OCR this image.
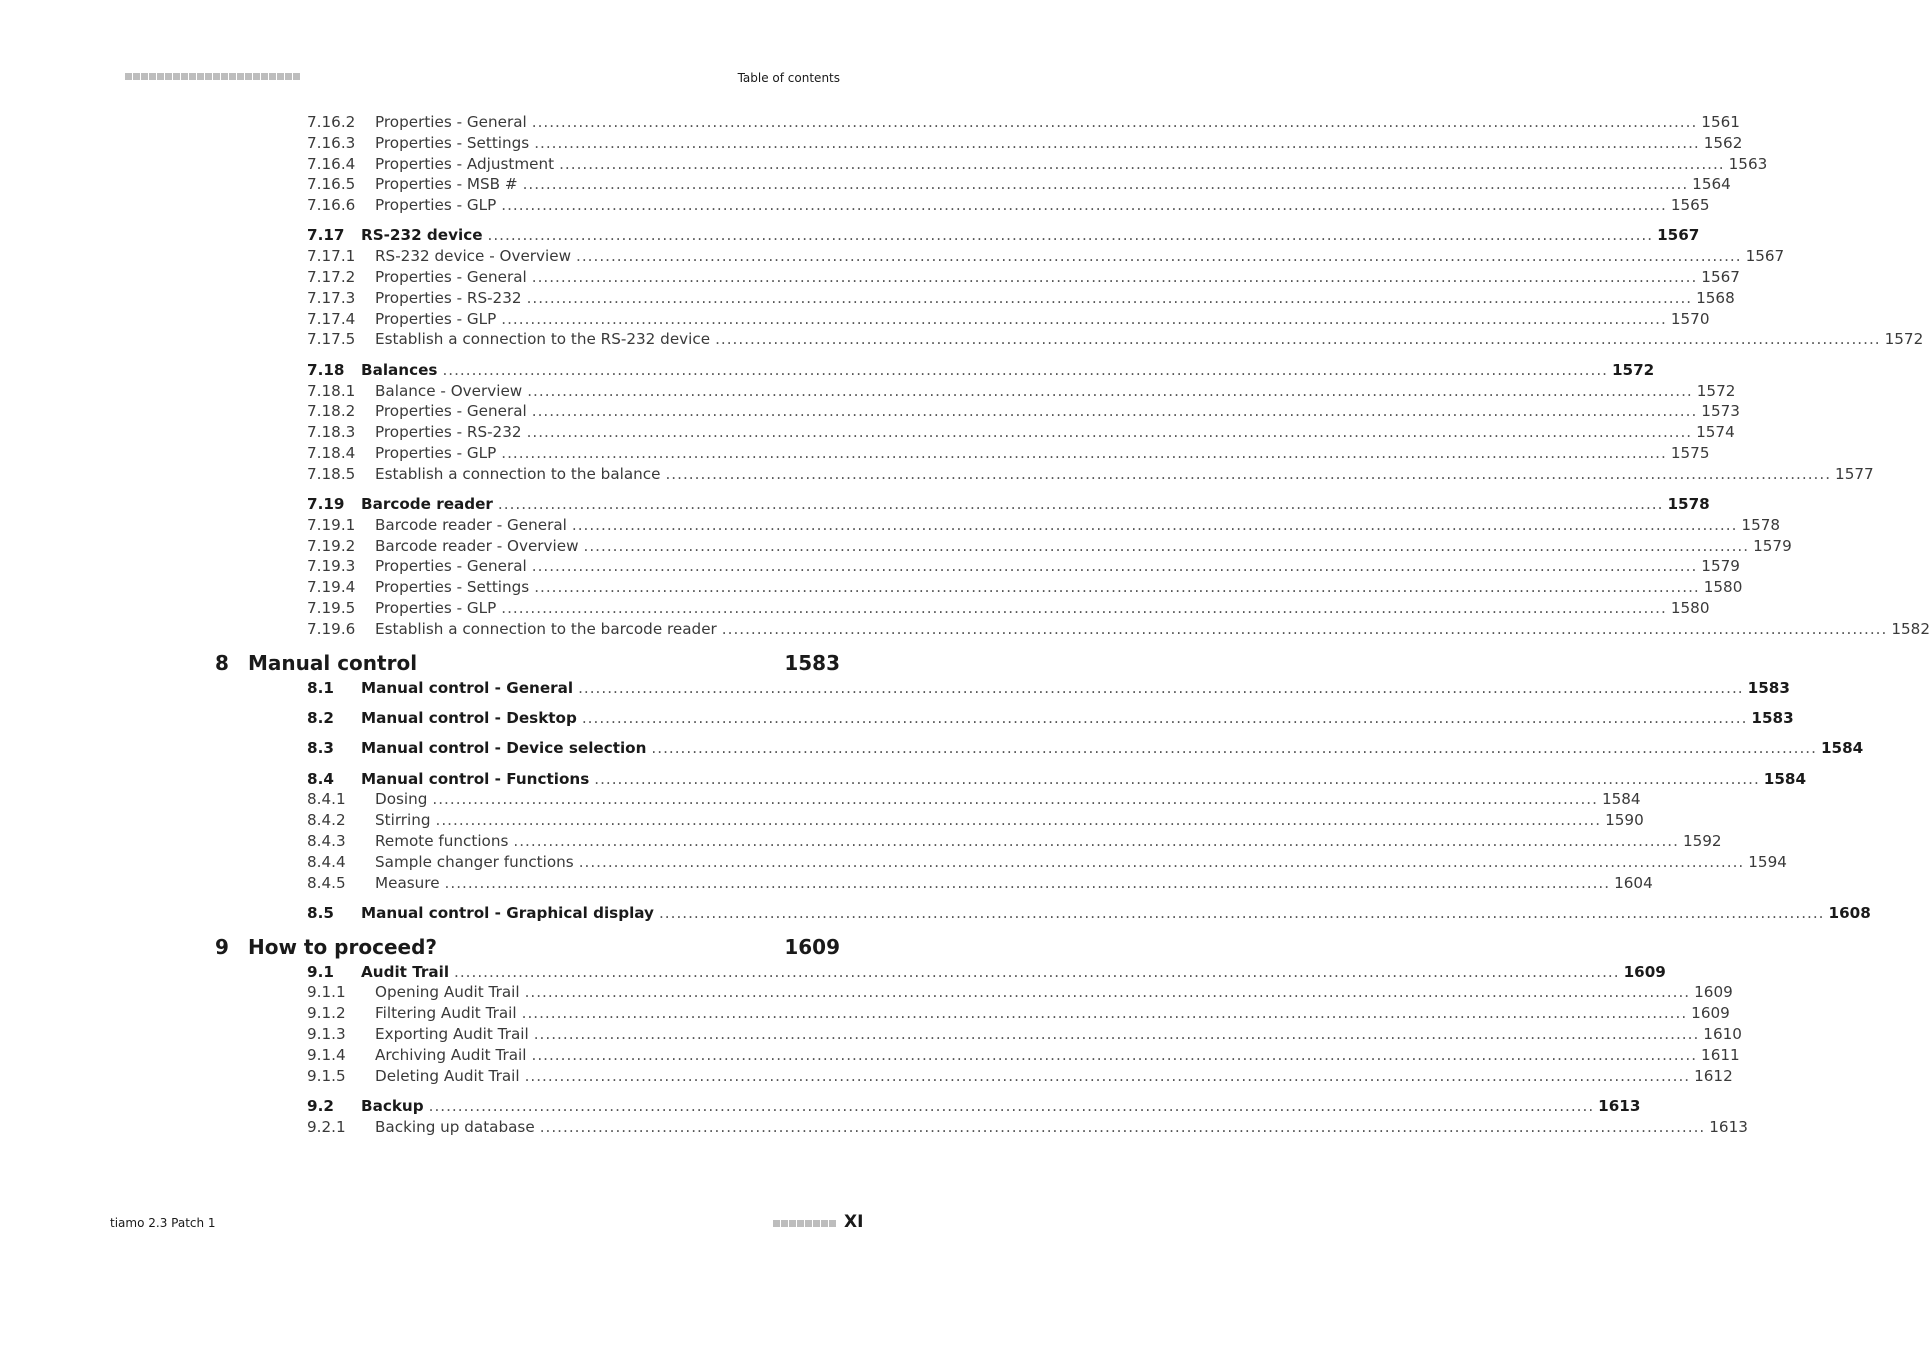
Table of contents
7.16.2 Properties - General ........................................................................................................................................................................................................ 1561
7.16.3 Properties - Settings ........................................................................................................................................................................................................ 1562
7.16.4 Properties - Adjustment ........................................................................................................................................................................................................ 1563
7.16.5 Properties - MSB # ........................................................................................................................................................................................................ 1564
7.16.6 Properties - GLP ........................................................................................................................................................................................................ 1565
7.17 RS-232 device ........................................................................................................................................................................................................ 1567
7.17.1 RS-232 device - Overview ........................................................................................................................................................................................................ 1567
7.17.2 Properties - General ........................................................................................................................................................................................................ 1567
7.17.3 Properties - RS-232 ........................................................................................................................................................................................................ 1568
7.17.4 Properties - GLP ........................................................................................................................................................................................................ 1570
7.17.5 Establish a connection to the RS-232 device ........................................................................................................................................................................................................ 1572
7.18 Balances ........................................................................................................................................................................................................ 1572
7.18.1 Balance - Overview ........................................................................................................................................................................................................ 1572
7.18.2 Properties - General ........................................................................................................................................................................................................ 1573
7.18.3 Properties - RS-232 ........................................................................................................................................................................................................ 1574
7.18.4 Properties - GLP ........................................................................................................................................................................................................ 1575
7.18.5 Establish a connection to the balance ........................................................................................................................................................................................................ 1577
7.19 Barcode reader ........................................................................................................................................................................................................ 1578
7.19.1 Barcode reader - General ........................................................................................................................................................................................................ 1578
7.19.2 Barcode reader - Overview ........................................................................................................................................................................................................ 1579
7.19.3 Properties - General ........................................................................................................................................................................................................ 1579
7.19.4 Properties - Settings ........................................................................................................................................................................................................ 1580
7.19.5 Properties - GLP ........................................................................................................................................................................................................ 1580
7.19.6 Establish a connection to the barcode reader ........................................................................................................................................................................................................ 1582
8 Manual control	1583
8.1 Manual control - General ........................................................................................................................................................................................................ 1583
8.2 Manual control - Desktop ........................................................................................................................................................................................................ 1583
8.3 Manual control - Device selection ........................................................................................................................................................................................................ 1584
8.4 Manual control - Functions ........................................................................................................................................................................................................ 1584
8.4.1 Dosing ........................................................................................................................................................................................................ 1584
8.4.2 Stirring ........................................................................................................................................................................................................ 1590
8.4.3 Remote functions ........................................................................................................................................................................................................ 1592
8.4.4 Sample changer functions ........................................................................................................................................................................................................ 1594
8.4.5 Measure ........................................................................................................................................................................................................ 1604
8.5 Manual control - Graphical display ........................................................................................................................................................................................................ 1608
9 How to proceed?	1609
9.1 Audit Trail ........................................................................................................................................................................................................ 1609
9.1.1 Opening Audit Trail ........................................................................................................................................................................................................ 1609
9.1.2 Filtering Audit Trail ........................................................................................................................................................................................................ 1609
9.1.3 Exporting Audit Trail ........................................................................................................................................................................................................ 1610
9.1.4 Archiving Audit Trail ........................................................................................................................................................................................................ 1611
9.1.5 Deleting Audit Trail ........................................................................................................................................................................................................ 1612
9.2 Backup ........................................................................................................................................................................................................ 1613
9.2.1 Backing up database ........................................................................................................................................................................................................ 1613
tiamo 2.3 Patch 1	XI
